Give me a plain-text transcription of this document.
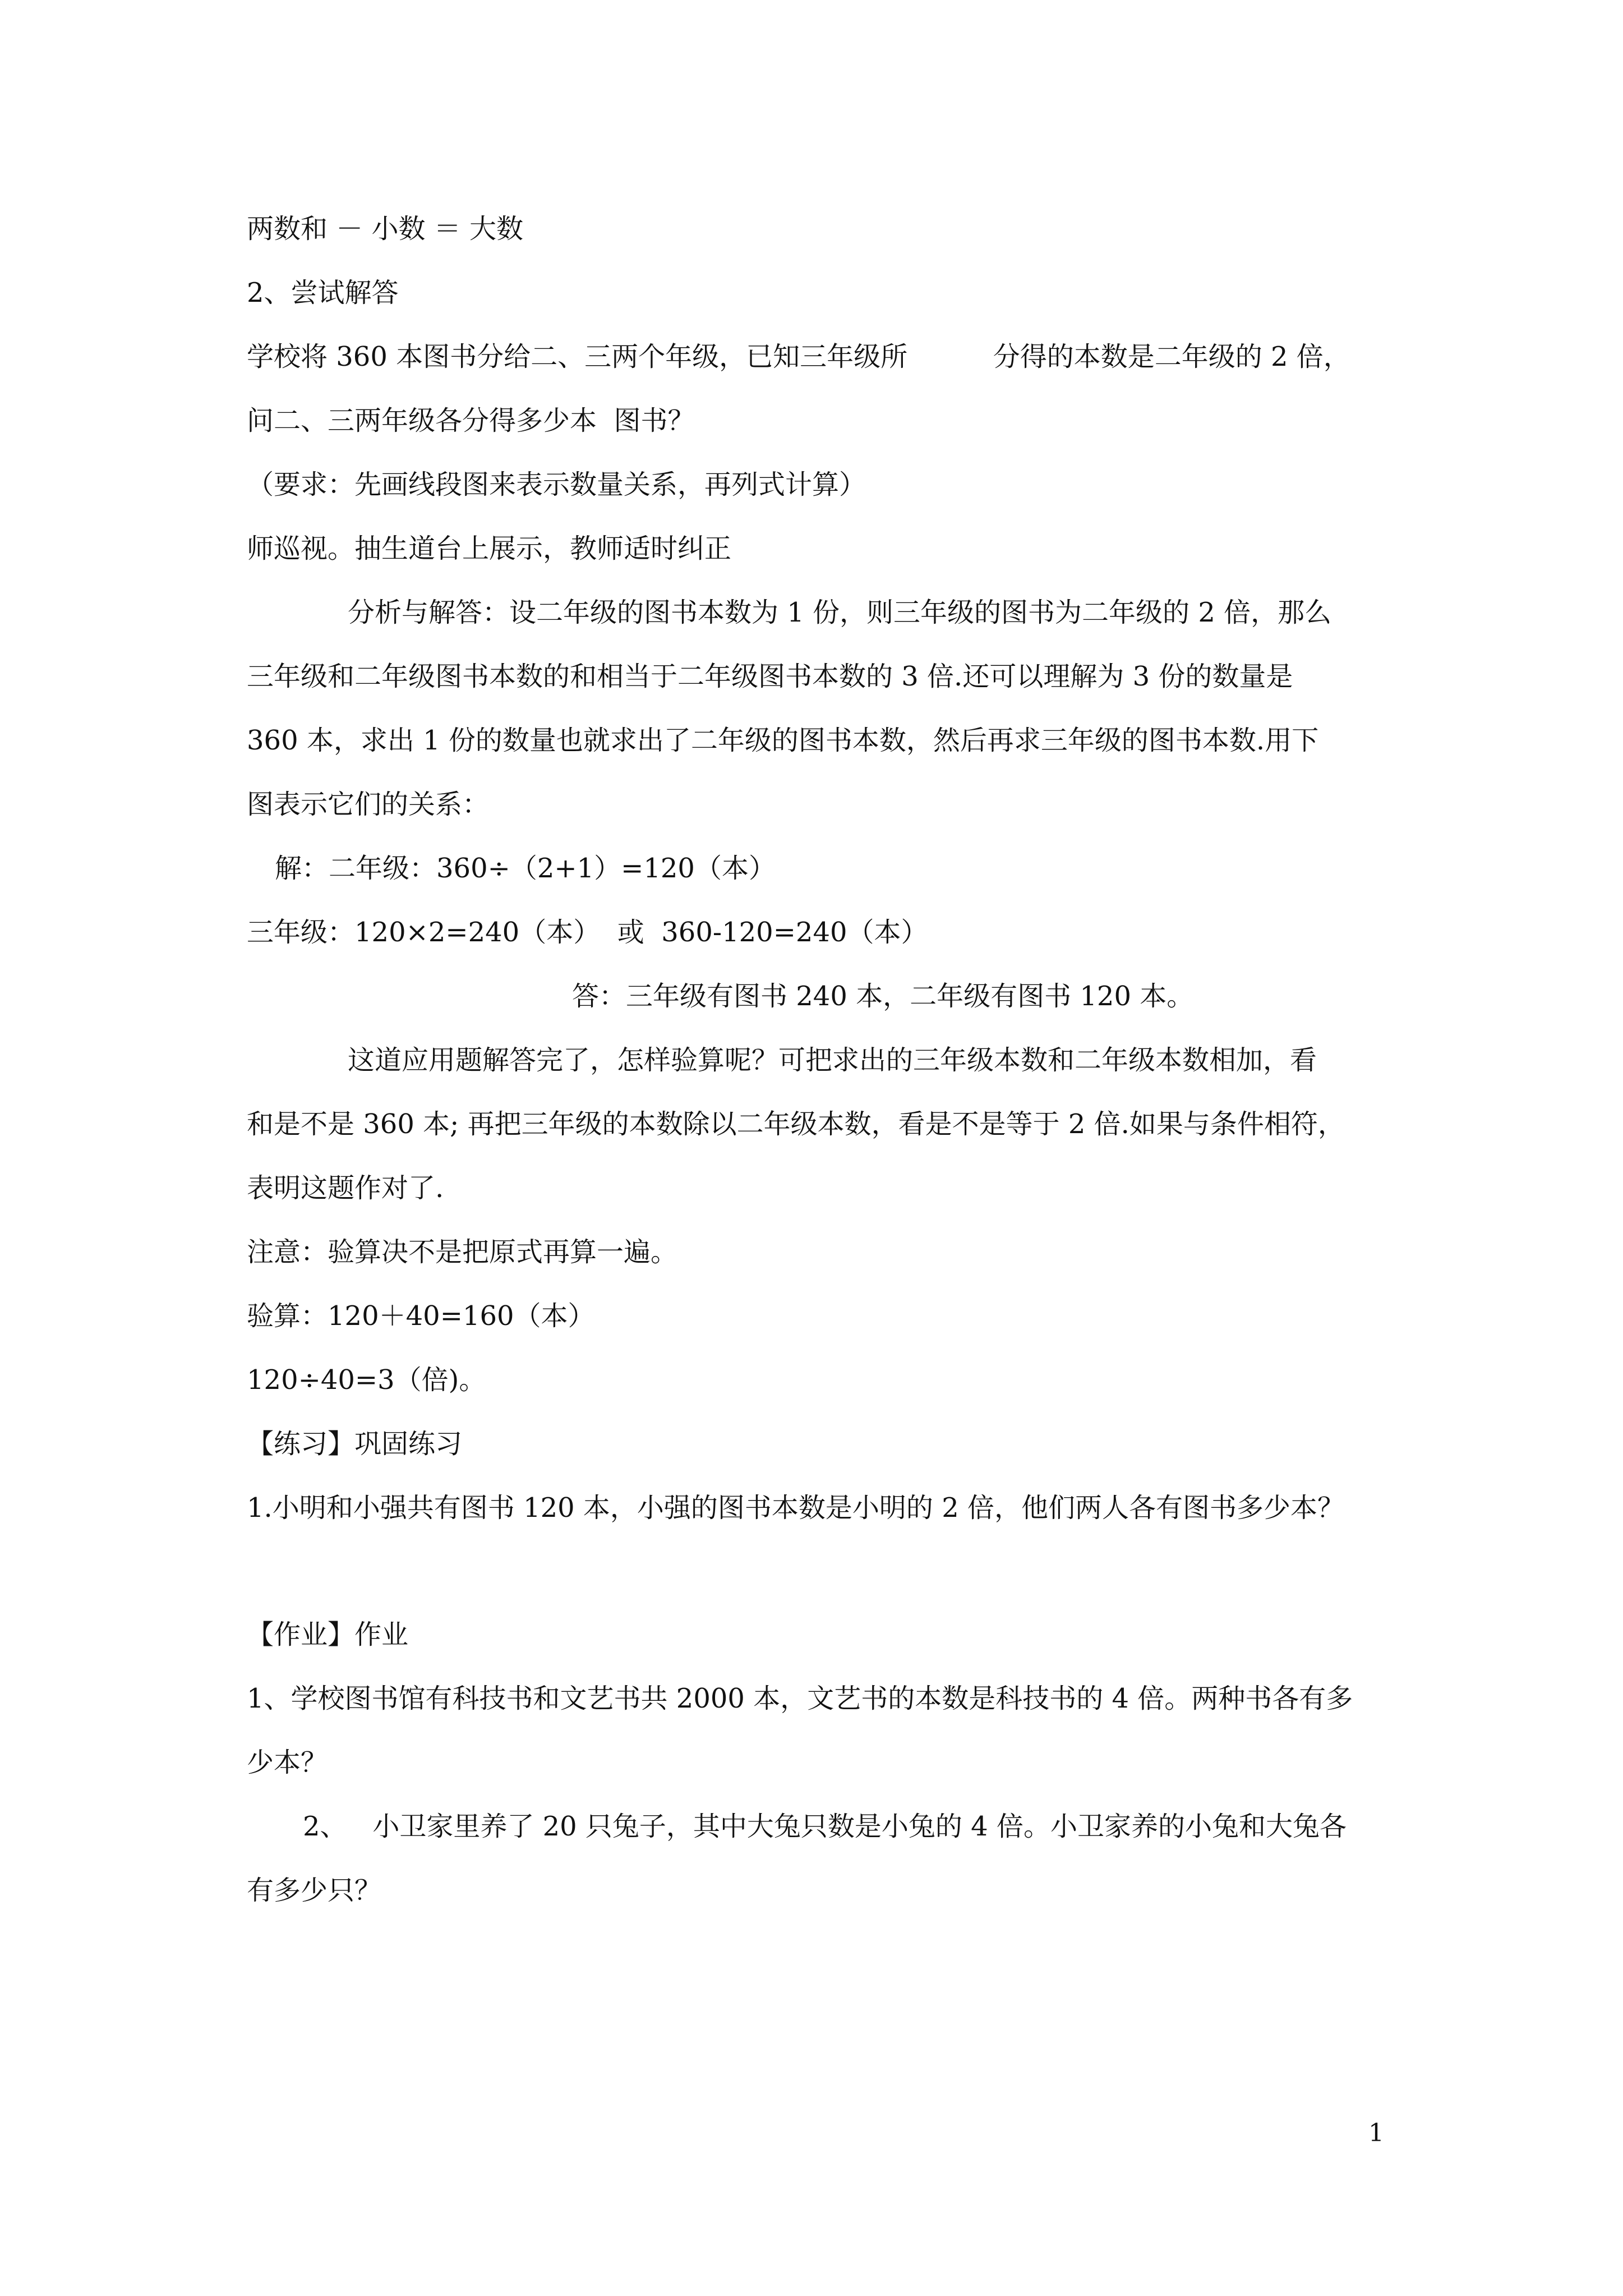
两数和 － 小数 ＝ 大数
2、尝试解答
学校将 360 本图书分给二、三两个年级，已知三年级所          分得的本数是二年级的 2 倍，
问二、三两年级各分得多少本  图书？
（要求：先画线段图来表示数量关系，再列式计算）
师巡视。抽生道台上展示，教师适时纠正
分析与解答：设二年级的图书本数为 1 份，则三年级的图书为二年级的 2 倍，那么
三年级和二年级图书本数的和相当于二年级图书本数的 3 倍.还可以理解为 3 份的数量是
360 本，求出 1 份的数量也就求出了二年级的图书本数，然后再求三年级的图书本数.用下
图表示它们的关系：
解：二年级：360÷（2+1）=120（本）
三年级：120×2=240（本）  或  360-120=240（本）
答：三年级有图书 240 本，二年级有图书 120 本。
这道应用题解答完了，怎样验算呢？可把求出的三年级本数和二年级本数相加，看
和是不是 360 本; 再把三年级的本数除以二年级本数，看是不是等于 2 倍.如果与条件相符，
表明这题作对了.
注意：验算决不是把原式再算一遍。
验算：120＋40=160（本）
120÷40=3（倍)。
【练习】巩固练习
1.小明和小强共有图书 120 本，小强的图书本数是小明的 2 倍，他们两人各有图书多少本？
【作业】作业
1、学校图书馆有科技书和文艺书共 2000 本，文艺书的本数是科技书的 4 倍。两种书各有多
少本？
2、   小卫家里养了 20 只兔子，其中大兔只数是小兔的 4 倍。小卫家养的小兔和大兔各
有多少只？
1
